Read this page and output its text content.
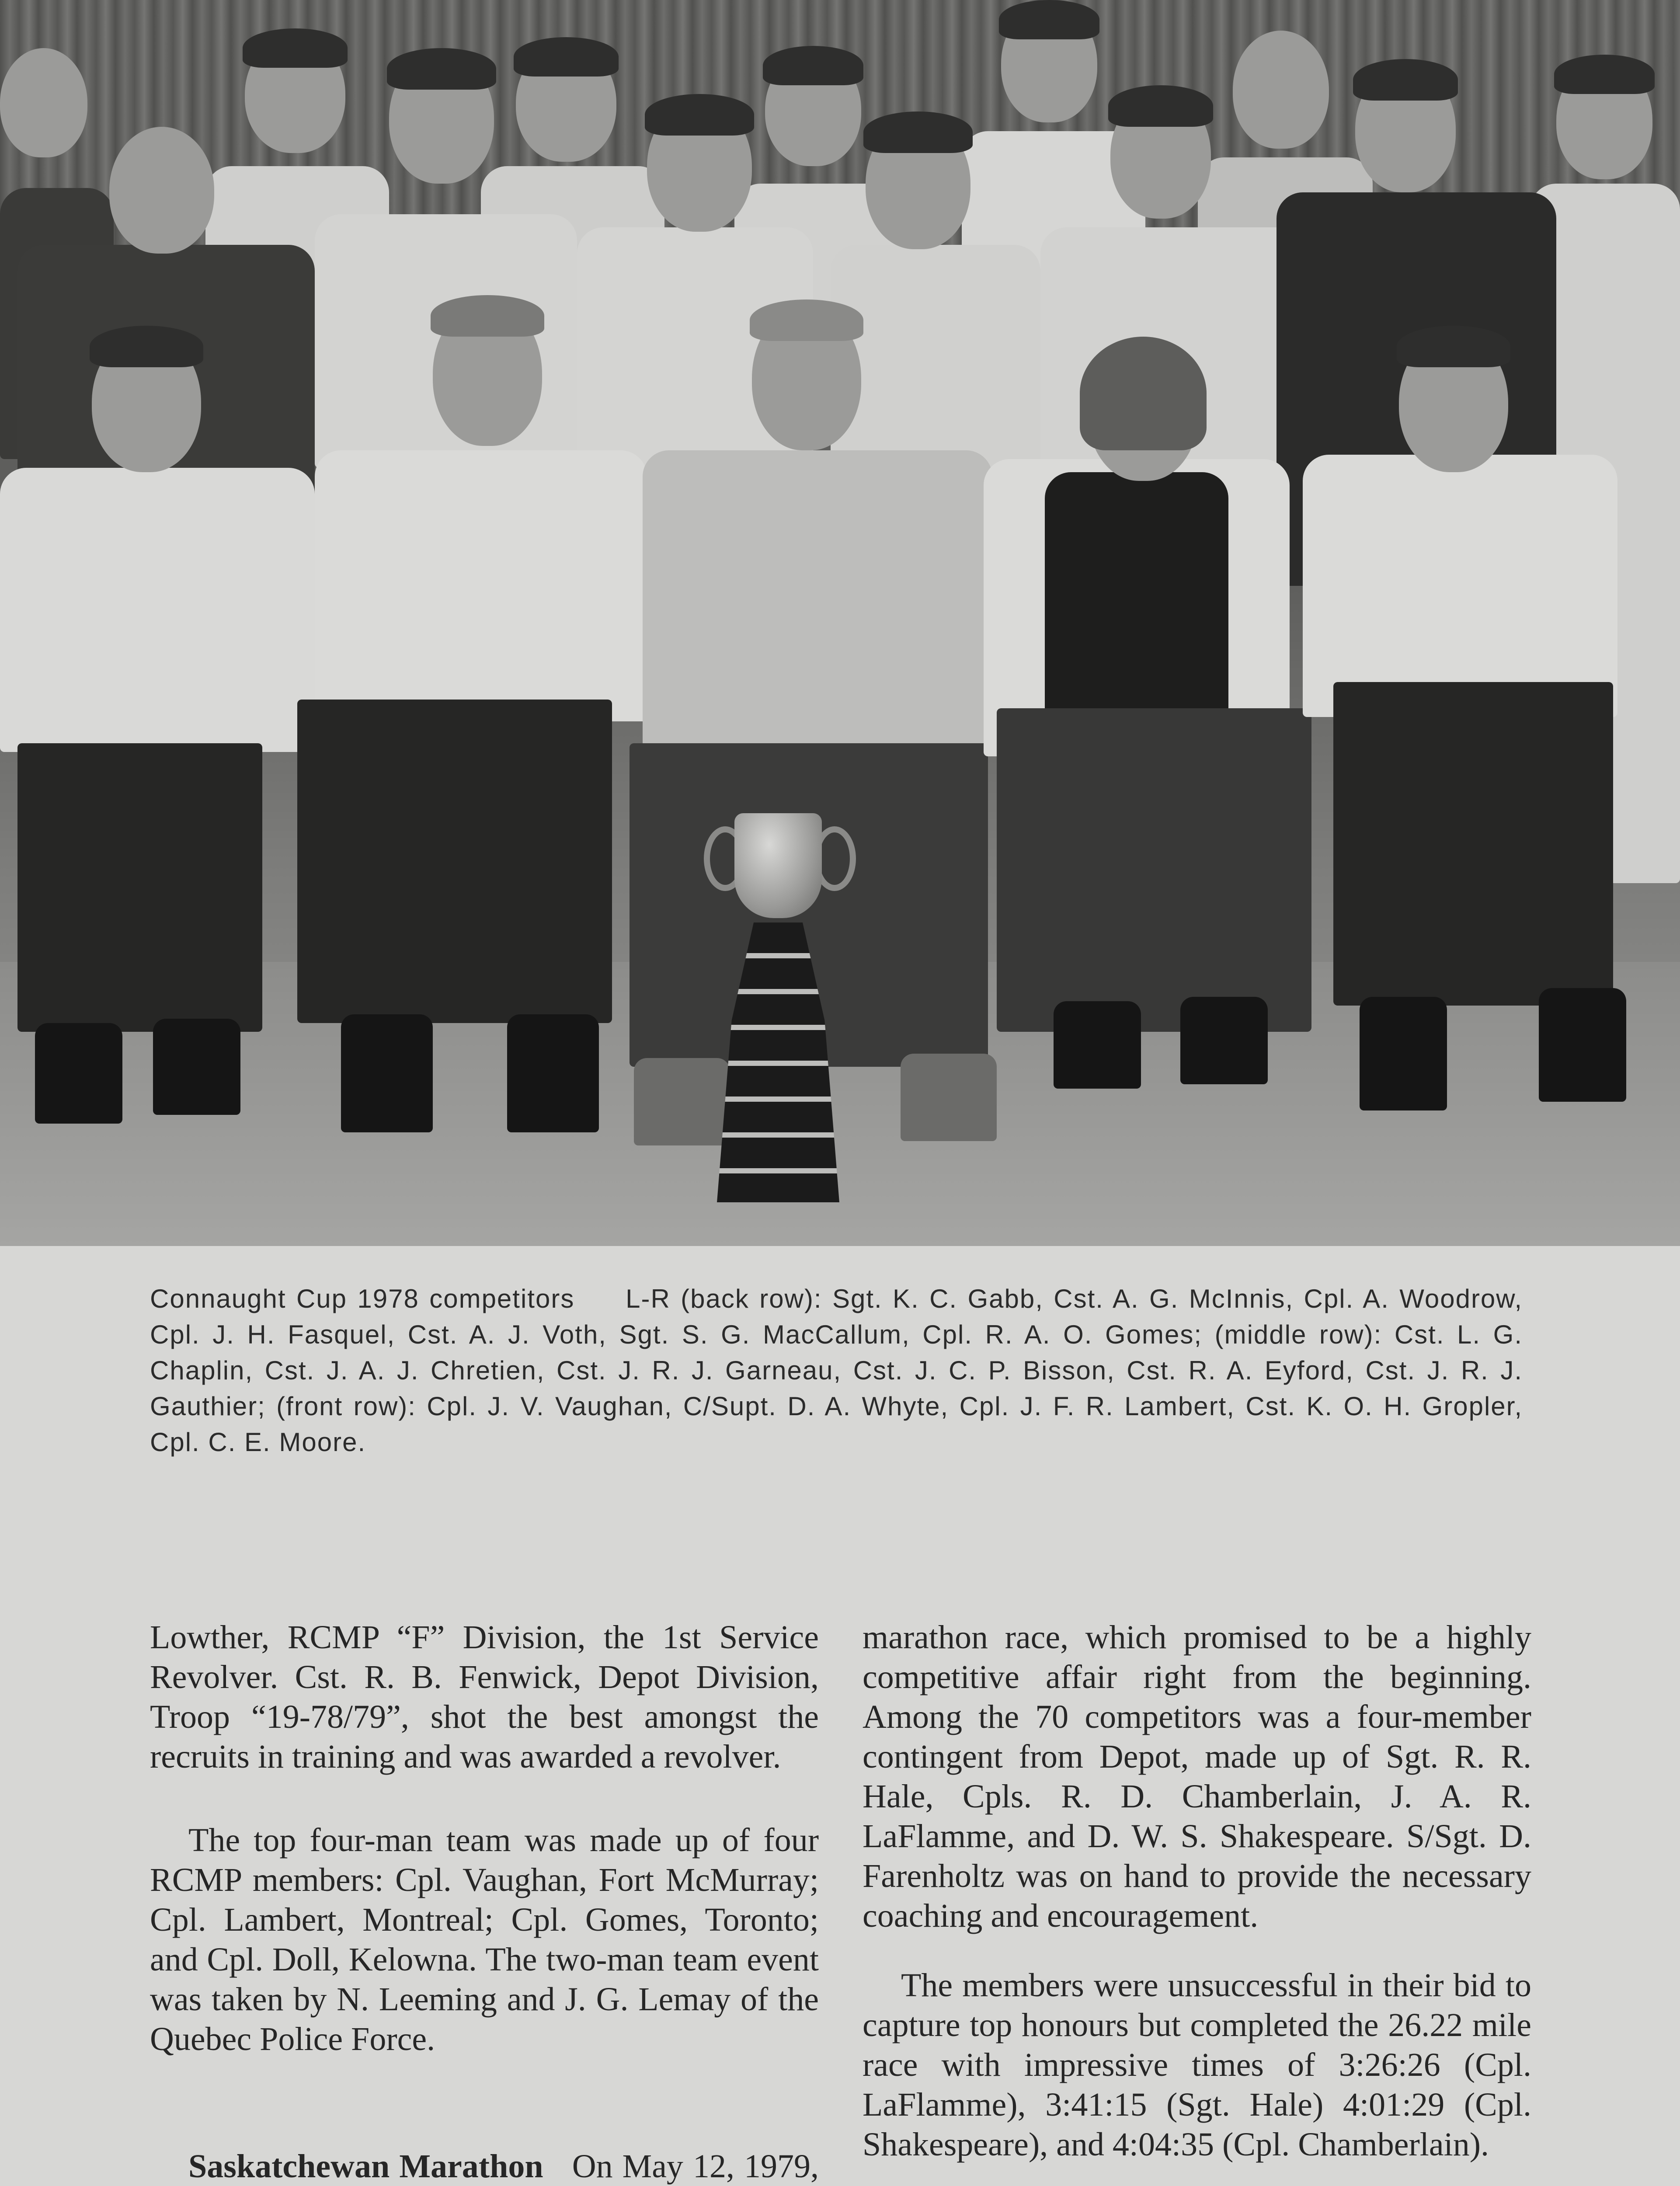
Connaught Cup 1978 competitors L-R (back row): Sgt. K. C. Gabb, Cst. A. G. McInnis, Cpl. A. Woodrow, Cpl. J. H. Fasquel, Cst. A. J. Voth, Sgt. S. G. MacCallum, Cpl. R. A. O. Gomes; (middle row): Cst. L. G. Chaplin, Cst. J. A. J. Chretien, Cst. J. R. J. Garneau, Cst. J. C. P. Bisson, Cst. R. A. Eyford, Cst. J. R. J. Gauthier; (front row): Cpl. J. V. Vaughan, C/Supt. D. A. Whyte, Cpl. J. F. R. Lambert, Cst. K. O. H. Gropler, Cpl. C. E. Moore.

Lowther, RCMP “F” Division, the 1st Service Revolver. Cst. R. B. Fenwick, Depot Division, Troop “19-78/79”, shot the best amongst the recruits in training and was awarded a revolver.

The top four-man team was made up of four RCMP members: Cpl. Vaughan, Fort McMurray; Cpl. Lambert, Montreal; Cpl. Gomes, Toronto; and Cpl. Doll, Kelowna. The two-man team event was taken by N. Leeming and J. G. Lemay of the Quebec Police Force.

Saskatchewan Marathon On May 12, 1979,

marathon race, which promised to be a highly competitive affair right from the beginning. Among the 70 competitors was a four-member contingent from Depot, made up of Sgt. R. R. Hale, Cpls. R. D. Chamberlain, J. A. R. LaFlamme, and D. W. S. Shakespeare. S/Sgt. D. Farenholtz was on hand to provide the necessary coaching and encouragement.

The members were unsuccessful in their bid to capture top honours but completed the 26.22 mile race with impressive times of 3:26:26 (Cpl. LaFlamme), 3:41:15 (Sgt. Hale) 4:01:29 (Cpl. Shakespeare), and 4:04:35 (Cpl. Chamberlain).
